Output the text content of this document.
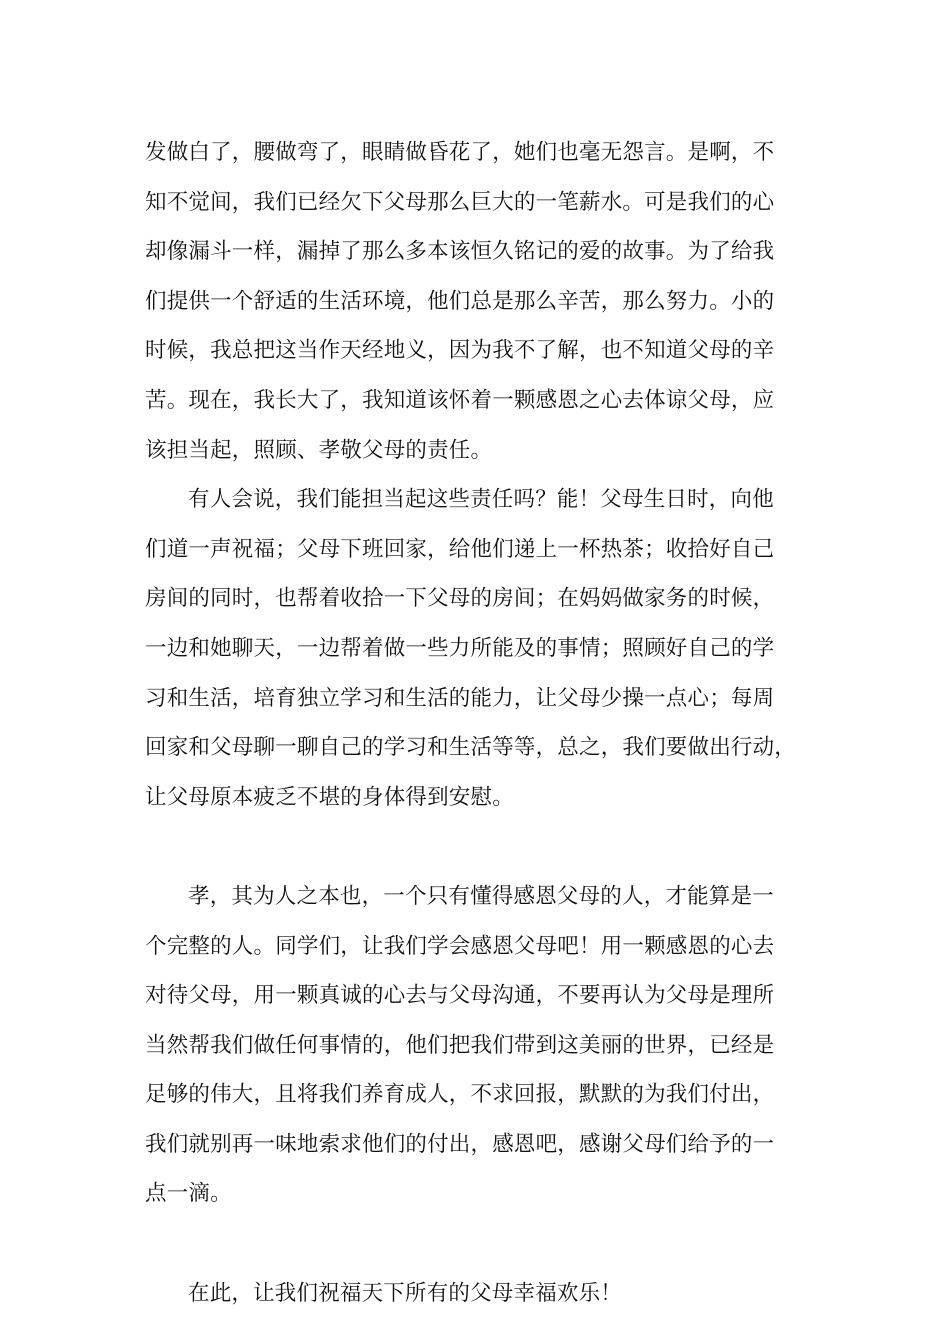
发做白了，腰做弯了，眼睛做昏花了，她们也毫无怨言。是啊，不
知不觉间，我们已经欠下父母那么巨大的一笔薪水。可是我们的心
却像漏斗一样，漏掉了那么多本该恒久铭记的爱的故事。为了给我
们提供一个舒适的生活环境，他们总是那么辛苦，那么努力。小的
时候，我总把这当作天经地义，因为我不了解，也不知道父母的辛
苦。现在，我长大了，我知道该怀着一颗感恩之心去体谅父母，应
该担当起，照顾、孝敬父母的责任。
有人会说，我们能担当起这些责任吗？能！父母生日时，向他
们道一声祝福；父母下班回家，给他们递上一杯热茶；收拾好自己
房间的同时，也帮着收拾一下父母的房间；在妈妈做家务的时候，
一边和她聊天，一边帮着做一些力所能及的事情；照顾好自己的学
习和生活，培育独立学习和生活的能力，让父母少操一点心；每周
回家和父母聊一聊自己的学习和生活等等，总之，我们要做出行动，
让父母原本疲乏不堪的身体得到安慰。
孝，其为人之本也，一个只有懂得感恩父母的人，才能算是一
个完整的人。同学们，让我们学会感恩父母吧！用一颗感恩的心去
对待父母，用一颗真诚的心去与父母沟通，不要再认为父母是理所
当然帮我们做任何事情的，他们把我们带到这美丽的世界，已经是
足够的伟大，且将我们养育成人，不求回报，默默的为我们付出，
我们就别再一味地索求他们的付出，感恩吧，感谢父母们给予的一
点一滴。
在此，让我们祝福天下所有的父母幸福欢乐！
